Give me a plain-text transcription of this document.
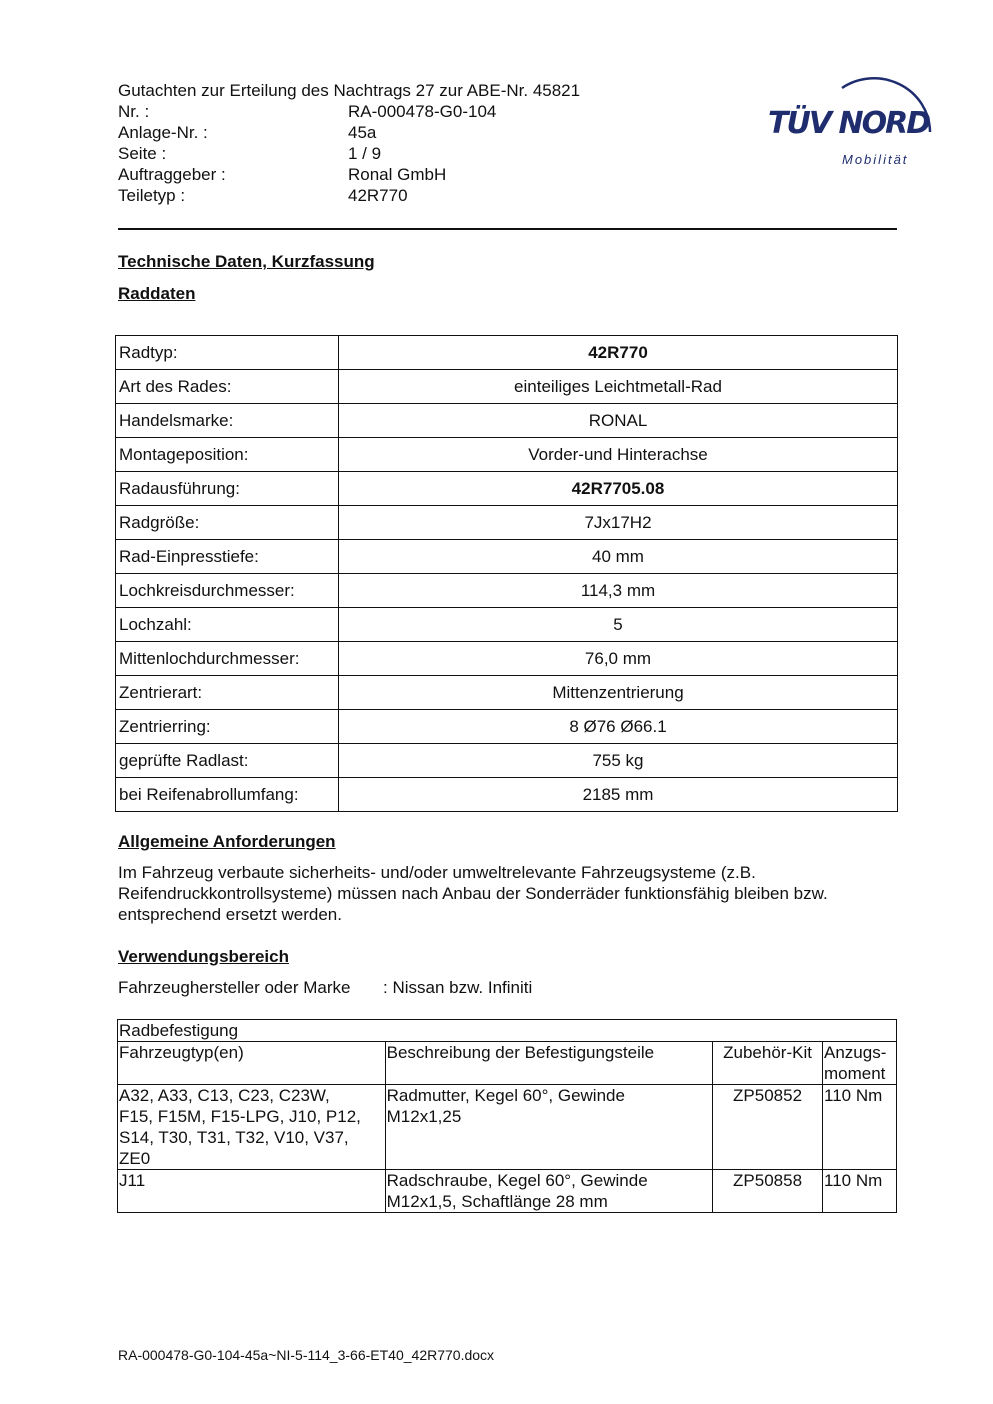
Gutachten zur Erteilung des Nachtrags 27 zur ABE-Nr. 45821
Nr. :	RA-000478-G0-104
Anlage-Nr. :	45a
Seite :	1 / 9
Auftraggeber :	Ronal GmbH
Teiletyp :	42R770
TÜV NORD
Mobilität
Technische Daten, Kurzfassung
Raddaten
Radtyp:	42R770
Art des Rades:	einteiliges Leichtmetall-Rad
Handelsmarke:	RONAL
Montageposition:	Vorder-und Hinterachse
Radausführung:	42R7705.08
Radgröße:	7Jx17H2
Rad-Einpresstiefe:	40 mm
Lochkreisdurchmesser:	114,3 mm
Lochzahl:	5
Mittenlochdurchmesser:	76,0 mm
Zentrierart:	Mittenzentrierung
Zentrierring:	8 Ø76 Ø66.1
geprüfte Radlast:	755 kg
bei Reifenabrollumfang:	2185 mm
Allgemeine Anforderungen
Im Fahrzeug verbaute sicherheits- und/oder umweltrelevante Fahrzeugsysteme (z.B. Reifendruckkontrollsysteme) müssen nach Anbau der Sonderräder funktionsfähig bleiben bzw. entsprechend ersetzt werden.
Verwendungsbereich
Fahrzeughersteller oder Marke	: Nissan bzw. Infiniti
Radbefestigung			
Fahrzeugtyp(en)	Beschreibung der Befestigungsteile	Zubehör-Kit	Anzugs-
moment

A32, A33, C13, C23, C23W,
F15, F15M, F15-LPG, J10, P12,
S14, T30, T31, T32, V10, V37,
ZE0	Radmutter, Kegel 60°, Gewinde
M12x1,25	ZP50852	110 Nm

J11	Radschraube, Kegel 60°, Gewinde
M12x1,5, Schaftlänge 28 mm	ZP50858	110 Nm
RA-000478-G0-104-45a~NI-5-114_3-66-ET40_42R770.docx
